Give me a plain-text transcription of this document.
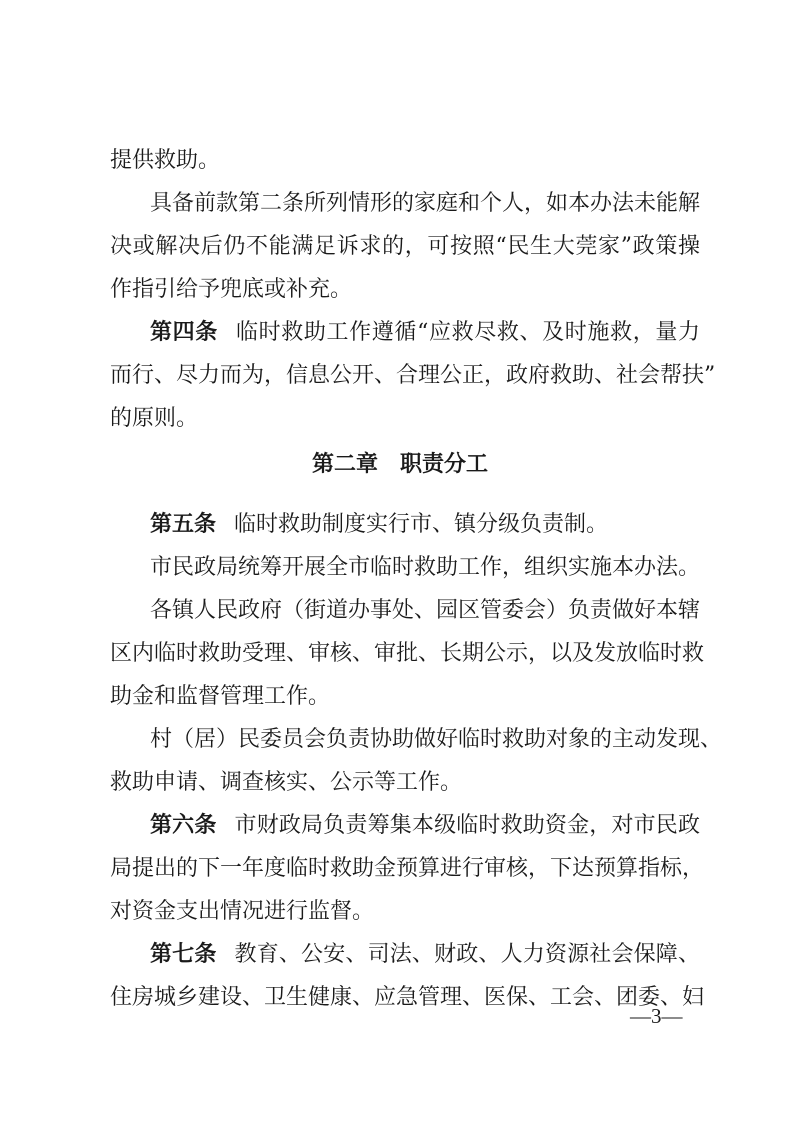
提供救助。
具备前款第二条所列情形的家庭和个人，如本办法未能解
决或解决后仍不能满足诉求的，可按照“民生大莞家”政策操
作指引给予兜底或补充。
第四条 临时救助工作遵循“应救尽救、及时施救，量力
而行、尽力而为，信息公开、合理公正，政府救助、社会帮扶”
的原则。
第二章 职责分工
第五条 临时救助制度实行市、镇分级负责制。
市民政局统筹开展全市临时救助工作，组织实施本办法。
各镇人民政府（街道办事处、园区管委会）负责做好本辖
区内临时救助受理、审核、审批、长期公示，以及发放临时救
助金和监督管理工作。
村（居）民委员会负责协助做好临时救助对象的主动发现、
救助申请、调查核实、公示等工作。
第六条 市财政局负责筹集本级临时救助资金，对市民政
局提出的下一年度临时救助金预算进行审核，下达预算指标，
对资金支出情况进行监督。
第七条 教育、公安、司法、财政、人力资源社会保障、
住房城乡建设、卫生健康、应急管理、医保、工会、团委、妇
—3—
